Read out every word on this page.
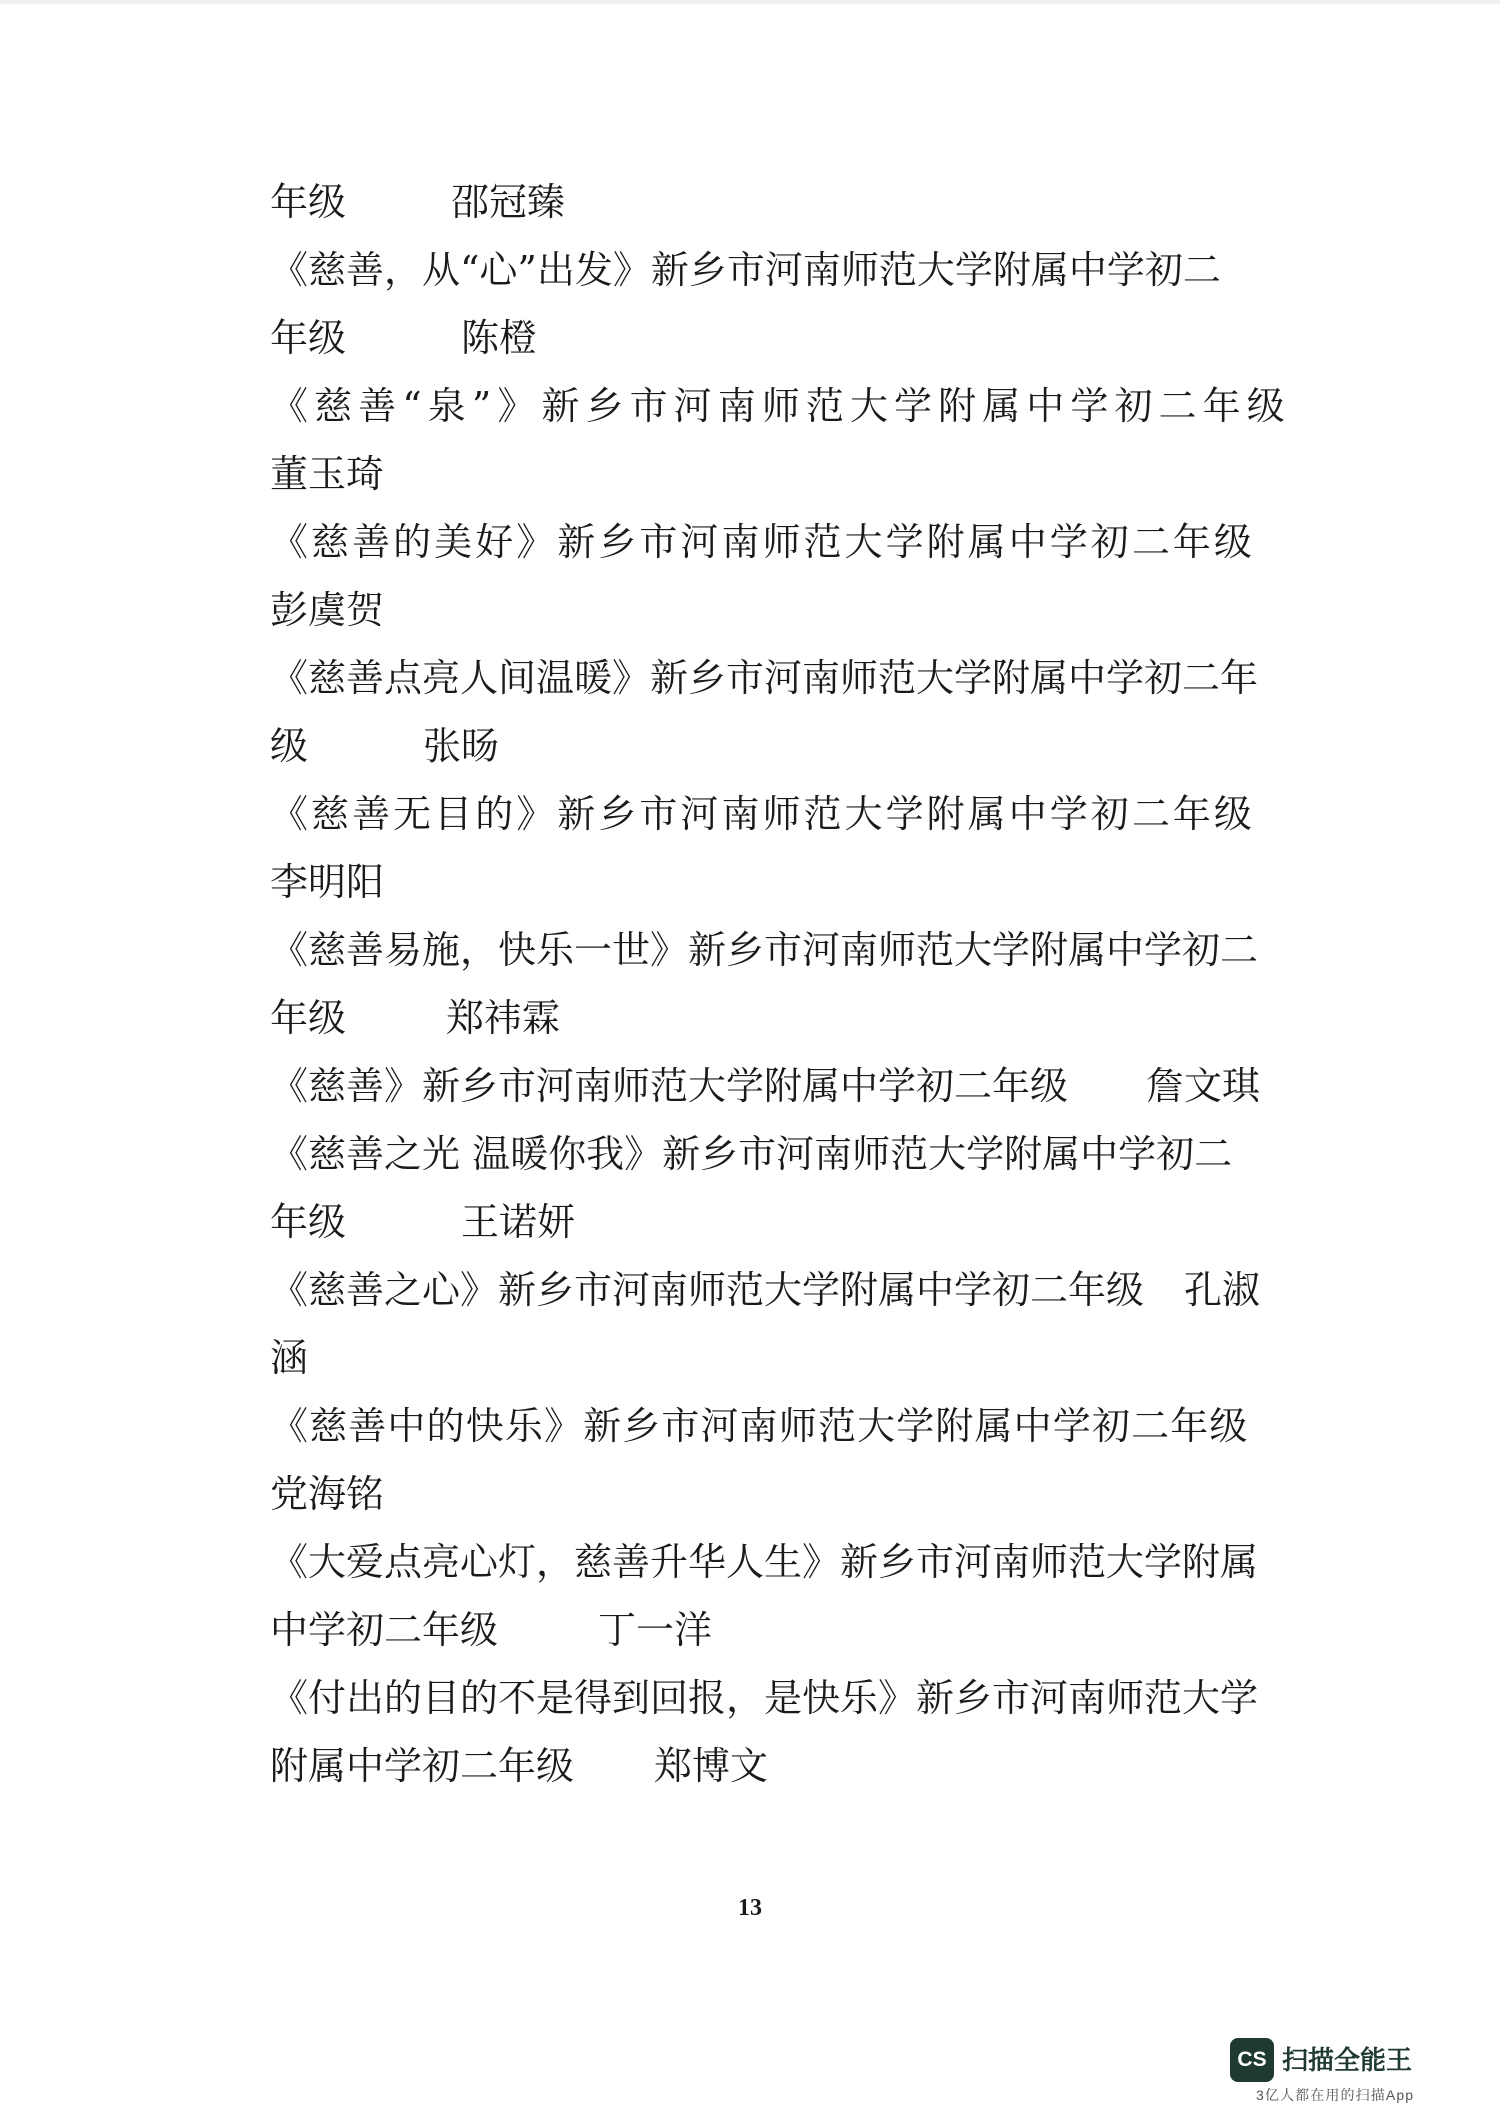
年级	邵冠臻
《慈善，从“心”出发》新乡市河南师范大学附属中学初二
年级	陈橙
《慈善“泉”》新乡市河南师范大学附属中学初二年级
董玉琦
《慈善的美好》新乡市河南师范大学附属中学初二年级
彭虞贺
《慈善点亮人间温暖》新乡市河南师范大学附属中学初二年
级	张旸
《慈善无目的》新乡市河南师范大学附属中学初二年级
李明阳
《慈善易施，快乐一世》新乡市河南师范大学附属中学初二
年级	郑祎霖
《慈善》新乡市河南师范大学附属中学初二年级 詹文琪
《慈善之光 温暖你我》新乡市河南师范大学附属中学初二
年级	王诺妍
《慈善之心》新乡市河南师范大学附属中学初二年级 孔淑
涵
《慈善中的快乐》新乡市河南师范大学附属中学初二年级
党海铭
《大爱点亮心灯，慈善升华人生》新乡市河南师范大学附属
中学初二年级	丁一洋
《付出的目的不是得到回报，是快乐》新乡市河南师范大学
附属中学初二年级 郑博文
13
CS 扫描全能王
3亿人都在用的扫描App
